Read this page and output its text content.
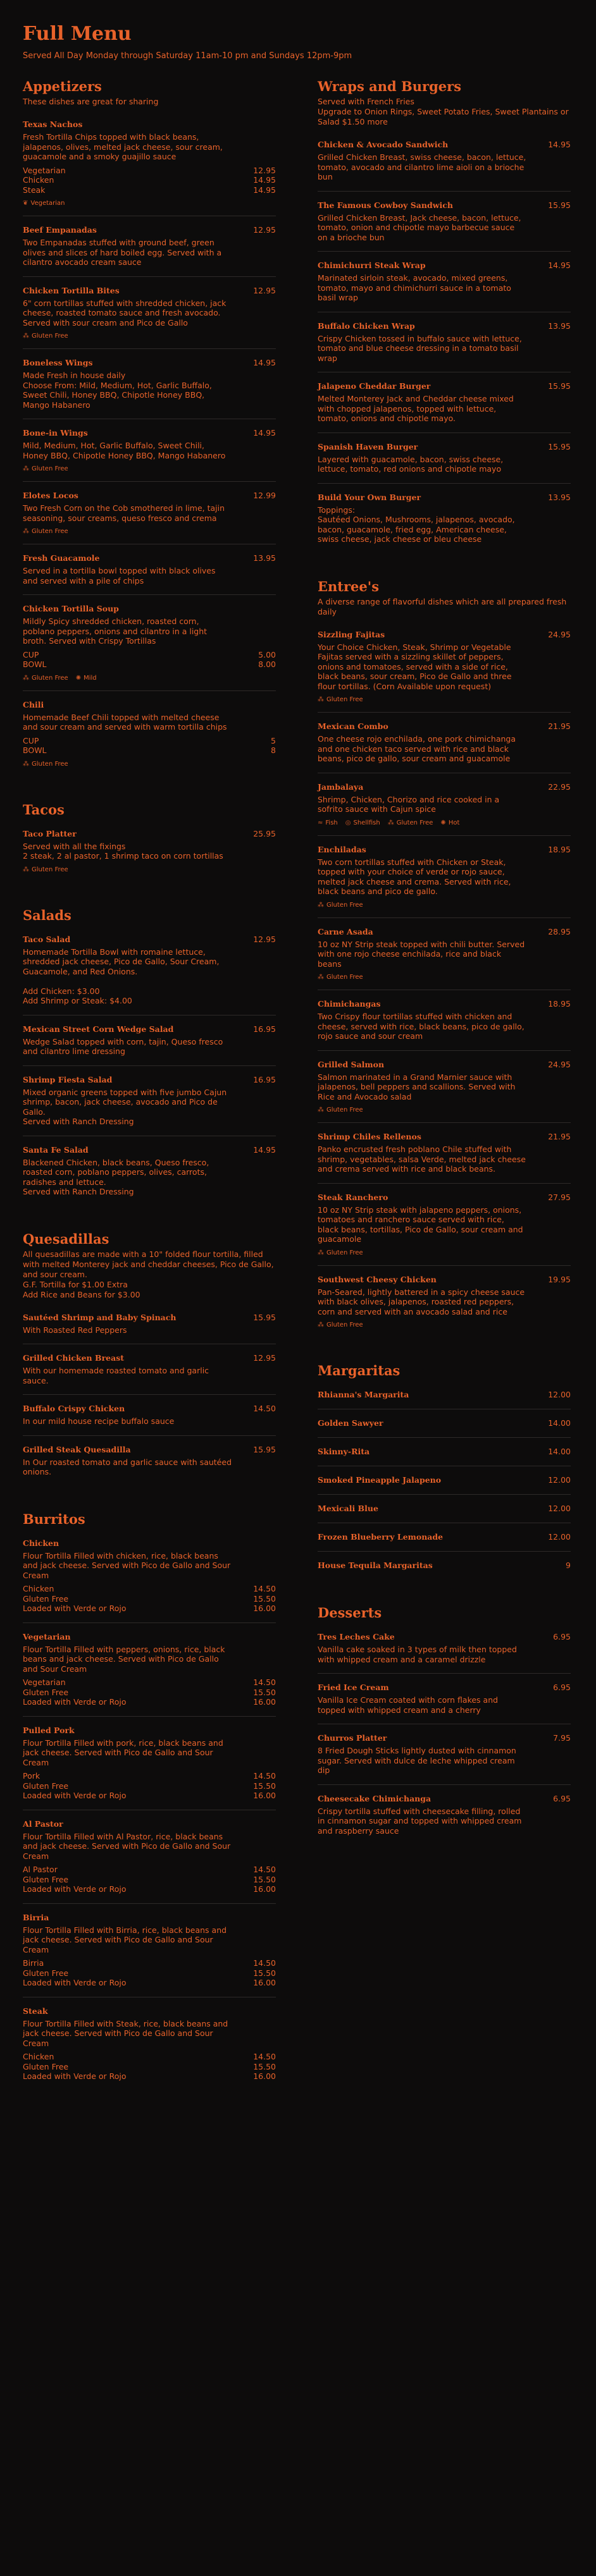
Full Menu

Served All Day Monday through Saturday 11am-10 pm and Sundays 12pm-9pm

Appetizers

These dishes are great for sharing

Texas Nachos

Fresh Tortilla Chips topped with black beans, jalapenos, olives, melted jack cheese, sour cream, guacamole and a smoky guajillo sauce

Vegetarian	12.95
Chicken	14.95
Steak	14.95
❦ Vegetarian
Beef Empanadas	12.95

Two Empanadas stuffed with ground beef, green olives and slices of hard boiled egg. Served with a cilantro avocado cream sauce

Chicken Tortilla Bites	12.95

6" corn tortillas stuffed with shredded chicken, jack cheese, roasted tomato sauce and fresh avocado. Served with sour cream and Pico de Gallo

⁂ Gluten Free
Boneless Wings	14.95

Made Fresh in house daily
Choose From: Mild, Medium, Hot, Garlic Buffalo, Sweet Chili, Honey BBQ, Chipotle Honey BBQ, Mango Habanero

Bone-in Wings	14.95

Mild, Medium, Hot, Garlic Buffalo, Sweet Chili, Honey BBQ, Chipotle Honey BBQ, Mango Habanero

⁂ Gluten Free
Elotes Locos	12.99

Two Fresh Corn on the Cob smothered in lime, tajin seasoning, sour creams, queso fresco and crema

⁂ Gluten Free
Fresh Guacamole	13.95

Served in a tortilla bowl topped with black olives and served with a pile of chips

Chicken Tortilla Soup

Mildly Spicy shredded chicken, roasted corn, poblano peppers, onions and cilantro in a light broth. Served with Crispy Tortillas

CUP	5.00
BOWL	8.00
⁂ Gluten Free ✺ Mild
Chili

Homemade Beef Chili topped with melted cheese and sour cream and served with warm tortilla chips

CUP	5
BOWL	8
⁂ Gluten Free
Tacos
Taco Platter	25.95

Served with all the fixings
2 steak, 2 al pastor, 1 shrimp taco on corn tortillas

⁂ Gluten Free
Salads
Taco Salad	12.95

Homemade Tortilla Bowl with romaine lettuce, shredded jack cheese, Pico de Gallo, Sour Cream, Guacamole, and Red Onions.

Add Chicken: $3.00
Add Shrimp or Steak: $4.00

Mexican Street Corn Wedge Salad	16.95

Wedge Salad topped with corn, tajin, Queso fresco and cilantro lime dressing

Shrimp Fiesta Salad	16.95

Mixed organic greens topped with five jumbo Cajun shrimp, bacon, jack cheese, avocado and Pico de Gallo.
Served with Ranch Dressing

Santa Fe Salad	14.95

Blackened Chicken, black beans, Queso fresco, roasted corn, poblano peppers, olives, carrots, radishes and lettuce.
Served with Ranch Dressing

Quesadillas

All quesadillas are made with a 10" folded flour tortilla, filled with melted Monterey jack and cheddar cheeses, Pico de Gallo, and sour cream.
G.F. Tortilla for $1.00 Extra
Add Rice and Beans for $3.00

Sautéed Shrimp and Baby Spinach	15.95

With Roasted Red Peppers

Grilled Chicken Breast	12.95

With our homemade roasted tomato and garlic sauce.

Buffalo Crispy Chicken	14.50

In our mild house recipe buffalo sauce

Grilled Steak Quesadilla	15.95

In Our roasted tomato and garlic sauce with sautéed onions.

Burritos
Chicken

Flour Tortilla Filled with chicken, rice, black beans and jack cheese. Served with Pico de Gallo and Sour Cream

Chicken	14.50
Gluten Free	15.50
Loaded with Verde or Rojo	16.00
Vegetarian

Flour Tortilla Filled with peppers, onions, rice, black beans and jack cheese. Served with Pico de Gallo and Sour Cream

Vegetarian	14.50
Gluten Free	15.50
Loaded with Verde or Rojo	16.00
Pulled Pork

Flour Tortilla Filled with pork, rice, black beans and jack cheese. Served with Pico de Gallo and Sour Cream

Pork	14.50
Gluten Free	15.50
Loaded with Verde or Rojo	16.00
Al Pastor

Flour Tortilla Filled with Al Pastor, rice, black beans and jack cheese. Served with Pico de Gallo and Sour Cream

Al Pastor	14.50
Gluten Free	15.50
Loaded with Verde or Rojo	16.00
Birria

Flour Tortilla Filled with Birria, rice, black beans and jack cheese. Served with Pico de Gallo and Sour Cream

Birria	14.50
Gluten Free	15.50
Loaded with Verde or Rojo	16.00
Steak

Flour Tortilla Filled with Steak, rice, black beans and jack cheese. Served with Pico de Gallo and Sour Cream

Chicken	14.50
Gluten Free	15.50
Loaded with Verde or Rojo	16.00
Wraps and Burgers

Served with French Fries
Upgrade to Onion Rings, Sweet Potato Fries, Sweet Plantains or Salad $1.50 more

Chicken & Avocado Sandwich	14.95

Grilled Chicken Breast, swiss cheese, bacon, lettuce, tomato, avocado and cilantro lime aioli on a brioche bun

The Famous Cowboy Sandwich	15.95

Grilled Chicken Breast, Jack cheese, bacon, lettuce, tomato, onion and chipotle mayo barbecue sauce on a brioche bun

Chimichurri Steak Wrap	14.95

Marinated sirloin steak, avocado, mixed greens, tomato, mayo and chimichurri sauce in a tomato basil wrap

Buffalo Chicken Wrap	13.95

Crispy Chicken tossed in buffalo sauce with lettuce, tomato and blue cheese dressing in a tomato basil wrap

Jalapeno Cheddar Burger	15.95

Melted Monterey Jack and Cheddar cheese mixed with chopped jalapenos, topped with lettuce, tomato, onions and chipotle mayo.

Spanish Haven Burger	15.95

Layered with guacamole, bacon, swiss cheese, lettuce, tomato, red onions and chipotle mayo

Build Your Own Burger	13.95

Toppings:
Sautéed Onions, Mushrooms, jalapenos, avocado, bacon, guacamole, fried egg, American cheese, swiss cheese, jack cheese or bleu cheese

Entree's

A diverse range of flavorful dishes which are all prepared fresh daily

Sizzling Fajitas	24.95

Your Choice Chicken, Steak, Shrimp or Vegetable Fajitas served with a sizzling skillet of peppers, onions and tomatoes, served with a side of rice, black beans, sour cream, Pico de Gallo and three flour tortillas. (Corn Available upon request)

⁂ Gluten Free
Mexican Combo	21.95

One cheese rojo enchilada, one pork chimichanga and one chicken taco served with rice and black beans, pico de gallo, sour cream and guacamole

Jambalaya	22.95

Shrimp, Chicken, Chorizo and rice cooked in a sofrito sauce with Cajun spice

≈ Fish ◎ Shellfish ⁂ Gluten Free ✺ Hot
Enchiladas	18.95

Two corn tortillas stuffed with Chicken or Steak, topped with your choice of verde or rojo sauce, melted jack cheese and crema. Served with rice, black beans and pico de gallo.

⁂ Gluten Free
Carne Asada	28.95

10 oz NY Strip steak topped with chili butter. Served with one rojo cheese enchilada, rice and black beans

⁂ Gluten Free
Chimichangas	18.95

Two Crispy flour tortillas stuffed with chicken and cheese, served with rice, black beans, pico de gallo, rojo sauce and sour cream

Grilled Salmon	24.95

Salmon marinated in a Grand Marnier sauce with jalapenos, bell peppers and scallions. Served with Rice and Avocado salad

⁂ Gluten Free
Shrimp Chiles Rellenos	21.95

Panko encrusted fresh poblano Chile stuffed with shrimp, vegetables, salsa Verde, melted jack cheese and crema served with rice and black beans.

Steak Ranchero	27.95

10 oz NY Strip steak with jalapeno peppers, onions, tomatoes and ranchero sauce served with rice, black beans, tortillas, Pico de Gallo, sour cream and guacamole

⁂ Gluten Free
Southwest Cheesy Chicken	19.95

Pan-Seared, lightly battered in a spicy cheese sauce with black olives, jalapenos, roasted red peppers, corn and served with an avocado salad and rice

⁂ Gluten Free
Margaritas
Rhianna's Margarita	12.00
Golden Sawyer	14.00
Skinny-Rita	14.00
Smoked Pineapple Jalapeno	12.00
Mexicali Blue	12.00
Frozen Blueberry Lemonade	12.00
House Tequila Margaritas	9
Desserts
Tres Leches Cake	6.95

Vanilla cake soaked in 3 types of milk then topped with whipped cream and a caramel drizzle

Fried Ice Cream	6.95

Vanilla Ice Cream coated with corn flakes and topped with whipped cream and a cherry

Churros Platter	7.95

8 Fried Dough Sticks lightly dusted with cinnamon sugar. Served with dulce de leche whipped cream dip

Cheesecake Chimichanga	6.95

Crispy tortilla stuffed with cheesecake filling, rolled in cinnamon sugar and topped with whipped cream and raspberry sauce
